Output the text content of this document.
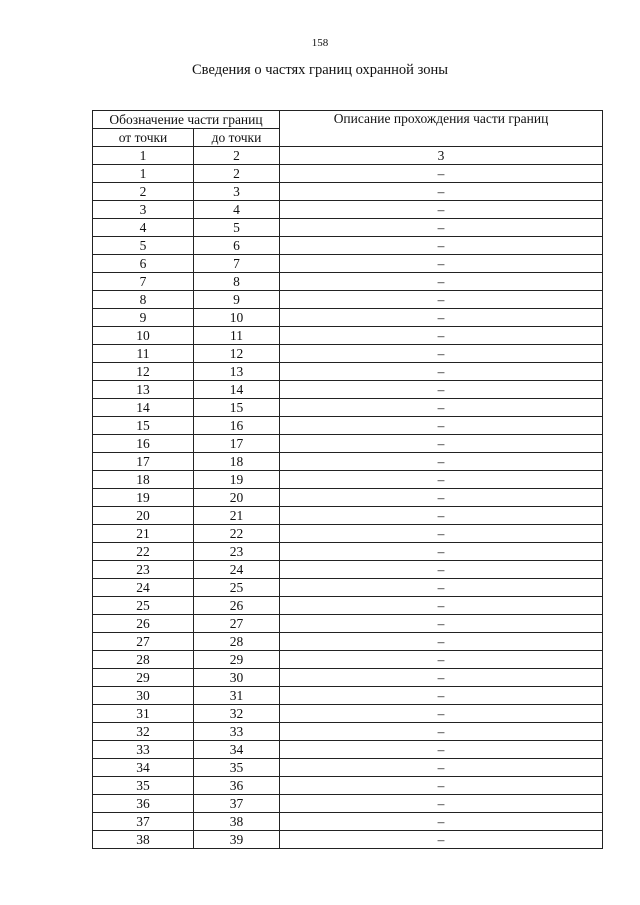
158
Сведения о частях границ охранной зоны
Обозначение части границ		Описание прохождения части границ
от точки	до точки	
1	2	3
1	2	–
2	3	–
3	4	–
4	5	–
5	6	–
6	7	–
7	8	–
8	9	–
9	10	–
10	11	–
11	12	–
12	13	–
13	14	–
14	15	–
15	16	–
16	17	–
17	18	–
18	19	–
19	20	–
20	21	–
21	22	–
22	23	–
23	24	–
24	25	–
25	26	–
26	27	–
27	28	–
28	29	–
29	30	–
30	31	–
31	32	–
32	33	–
33	34	–
34	35	–
35	36	–
36	37	–
37	38	–
38	39	–
